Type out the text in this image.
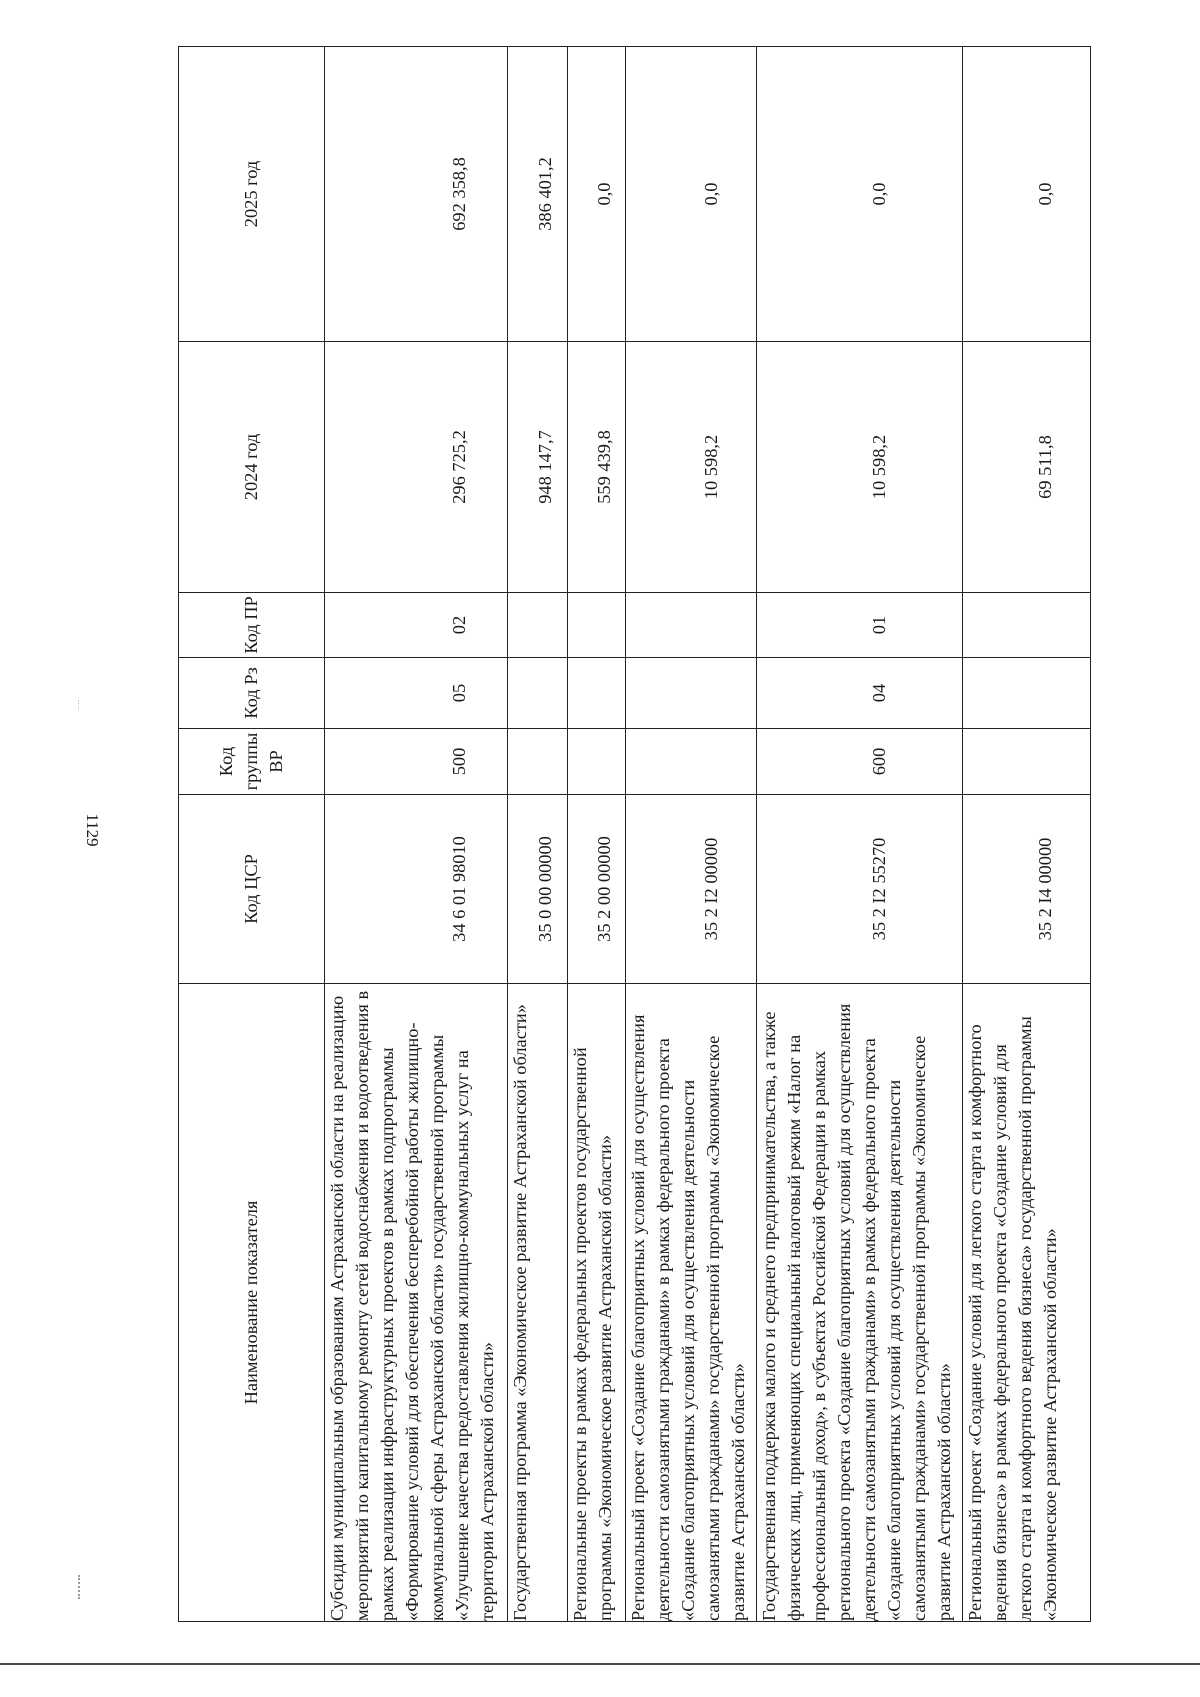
1129
Наименование показателя	Код ЦСР	Код группы ВР	Код Рз	Код ПР	2024 год	2025 год
Субсидии муниципальным образованиям Астраханской области на реализацию мероприятий по капитальному ремонту сетей водоснабжения и водоотведения в рамках реализации инфраструктурных проектов в рамках подпрограммы «Формирование условий для обеспечения бесперебойной работы жилищно-коммунальной сферы Астраханской области» государственной программы «Улучшение качества предоставления жилищно-коммунальных услуг на территории Астраханской области»	34 6 01 98010	500	05	02	296 725,2	692 358,8
Государственная программа «Экономическое развитие Астраханской области»	35 0 00 00000				948 147,7	386 401,2
Региональные проекты в рамках федеральных проектов государственной программы «Экономическое развитие Астраханской области»	35 2 00 00000				559 439,8	0,0
Региональный проект «Создание благоприятных условий для осуществления деятельности самозанятыми гражданами» в рамках федерального проекта «Создание благоприятных условий для осуществления деятельности самозанятыми гражданами» государственной программы «Экономическое развитие Астраханской области»	35 2 I2 00000				10 598,2	0,0
Государственная поддержка малого и среднего предпринимательства, а также физических лиц, применяющих специальный налоговый режим «Налог на профессиональный доход», в субъектах Российской Федерации в рамках регионального проекта «Создание благоприятных условий для осуществления деятельности самозанятыми гражданами» в рамках федерального проекта «Создание благоприятных условий для осуществления деятельности самозанятыми гражданами» государственной программы «Экономическое развитие Астраханской области»	35 2 I2 55270	600	04	01	10 598,2	0,0
Региональный проект «Создание условий для легкого старта и комфортного ведения бизнеса» в рамках федерального проекта «Создание условий для легкого старта и комфортного ведения бизнеса» государственной программы «Экономическое развитие Астраханской области»	35 2 I4 00000				69 511,8	0,0
